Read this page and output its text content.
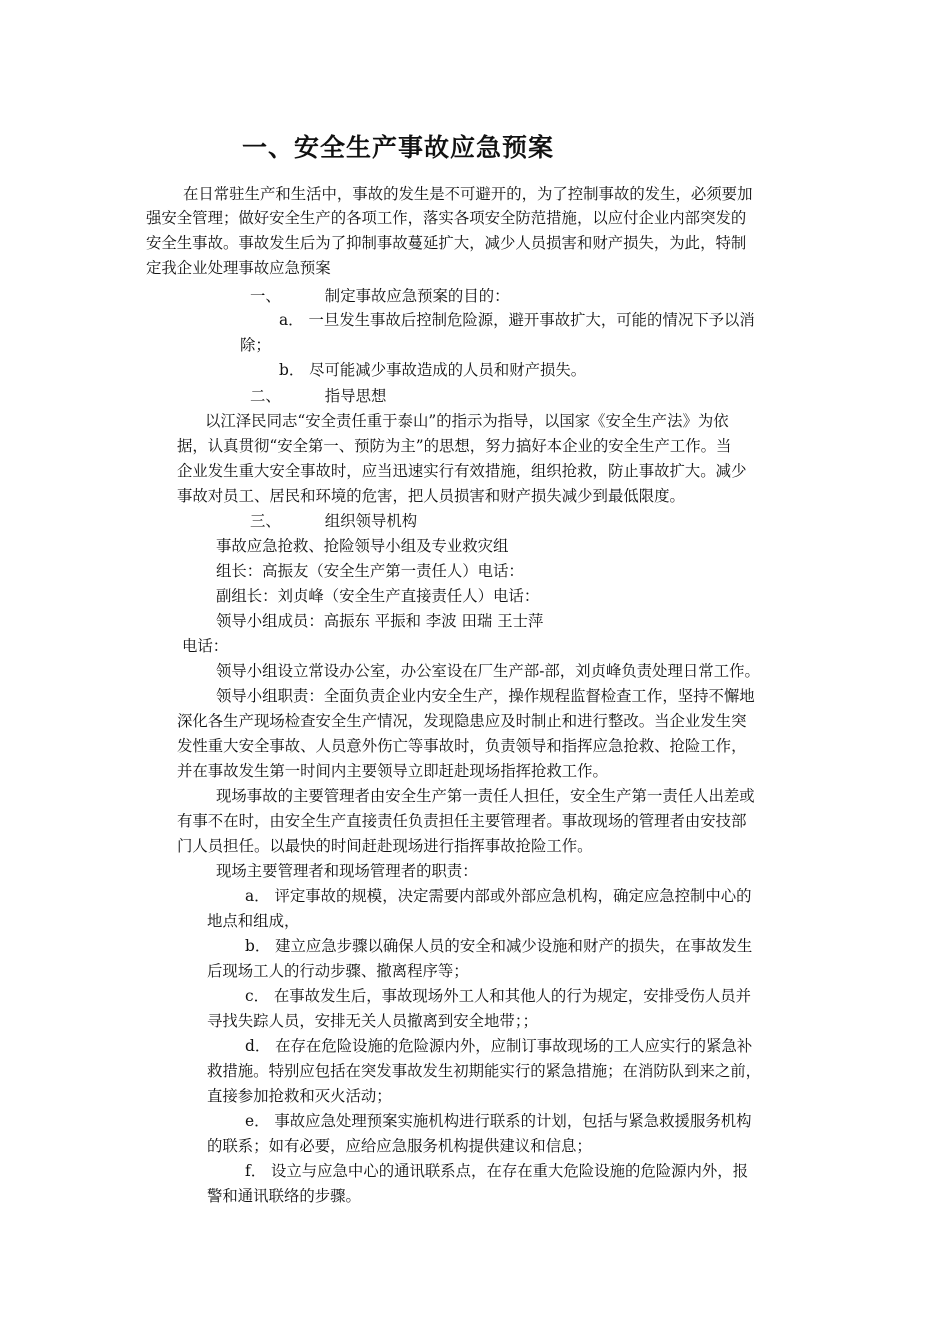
一、安全生产事故应急预案
在日常驻生产和生活中，事故的发生是不可避开的，为了控制事故的发生，必须要加
强安全管理；做好安全生产的各项工作，落实各项安全防范措施，以应付企业内部突发的
安全生事故。事故发生后为了抑制事故蔓延扩大，减少人员损害和财产损失，为此，特制
定我企业处理事故应急预案
一、	制定事故应急预案的目的：
a． 一旦发生事故后控制危险源，避开事故扩大，可能的情况下予以消
除；
b． 尽可能减少事故造成的人员和财产损失。
二、	指导思想
以江泽民同志“安全责任重于泰山”的指示为指导，以国家《安全生产法》为依
据，认真贯彻“安全第一、预防为主”的思想，努力搞好本企业的安全生产工作。当
企业发生重大安全事故时，应当迅速实行有效措施，组织抢救，防止事故扩大。减少
事故对员工、居民和环境的危害，把人员损害和财产损失减少到最低限度。
三、	组织领导机构
事故应急抢救、抢险领导小组及专业救灾组
组长：高振友（安全生产第一责任人）电话：
副组长：刘贞峰（安全生产直接责任人）电话：
领导小组成员：高振东 平振和 李波 田瑞 王士萍
电话：
领导小组设立常设办公室，办公室设在厂生产部-部，刘贞峰负责处理日常工作。
领导小组职责：全面负责企业内安全生产，操作规程监督检查工作，坚持不懈地
深化各生产现场检查安全生产情况，发现隐患应及时制止和进行整改。当企业发生突
发性重大安全事故、人员意外伤亡等事故时，负责领导和指挥应急抢救、抢险工作，
并在事故发生第一时间内主要领导立即赶赴现场指挥抢救工作。
现场事故的主要管理者由安全生产第一责任人担任，安全生产第一责任人出差或
有事不在时，由安全生产直接责任负责担任主要管理者。事故现场的管理者由安技部
门人员担任。以最快的时间赶赴现场进行指挥事故抢险工作。
现场主要管理者和现场管理者的职责：
a． 评定事故的规模，决定需要内部或外部应急机构，确定应急控制中心的
地点和组成，
b． 建立应急步骤以确保人员的安全和减少设施和财产的损失，在事故发生
后现场工人的行动步骤、撤离程序等；
c． 在事故发生后，事故现场外工人和其他人的行为规定，安排受伤人员并
寻找失踪人员，安排无关人员撤离到安全地带；；
d． 在存在危险设施的危险源内外，应制订事故现场的工人应实行的紧急补
救措施。特别应包括在突发事故发生初期能实行的紧急措施；在消防队到来之前，
直接参加抢救和灭火活动；
e． 事故应急处理预案实施机构进行联系的计划，包括与紧急救援服务机构
的联系；如有必要，应给应急服务机构提供建议和信息；
f． 设立与应急中心的通讯联系点，在存在重大危险设施的危险源内外，报
警和通讯联络的步骤。
